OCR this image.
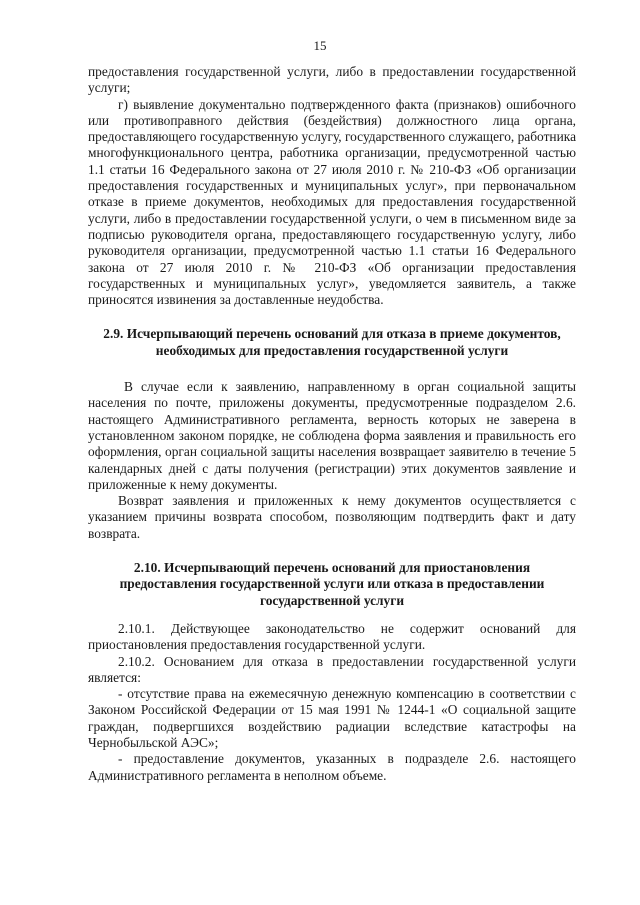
15

предоставления государственной услуги, либо в предоставлении государственной услуги;

г) выявление документально подтвержденного факта (признаков) ошибочного или противоправного действия (бездействия) должностного лица органа, предоставляющего государственную услугу, государственного служащего, работника многофункционального центра, работника организации, предусмотренной частью 1.1 статьи 16 Федерального закона от 27 июля 2010 г. № 210-ФЗ «Об организации предоставления государственных и муниципальных услуг», при первоначальном отказе в приеме документов, необходимых для предоставления государственной услуги, либо в предоставлении государственной услуги, о чем в письменном виде за подписью руководителя органа, предоставляющего государственную услугу, либо руководителя организации, предусмотренной частью 1.1 статьи 16 Федерального закона от 27 июля 2010 г. № 210-ФЗ «Об организации предоставления государственных и муниципальных услуг», уведомляется заявитель, а также приносятся извинения за доставленные неудобства.

2.9. Исчерпывающий перечень оснований для отказа в приеме документов, необходимых для предоставления государственной услуги

В случае если к заявлению, направленному в орган социальной защиты населения по почте, приложены документы, предусмотренные подразделом 2.6. настоящего Административного регламента, верность которых не заверена в установленном законом порядке, не соблюдена форма заявления и правильность его оформления, орган социальной защиты населения возвращает заявителю в течение 5 календарных дней с даты получения (регистрации) этих документов заявление и приложенные к нему документы.

Возврат заявления и приложенных к нему документов осуществляется с указанием причины возврата способом, позволяющим подтвердить факт и дату возврата.

2.10. Исчерпывающий перечень оснований для приостановления предоставления государственной услуги или отказа в предоставлении государственной услуги

2.10.1. Действующее законодательство не содержит оснований для приостановления предоставления государственной услуги.

2.10.2. Основанием для отказа в предоставлении государственной услуги является:

- отсутствие права на ежемесячную денежную компенсацию в соответствии с Законом Российской Федерации от 15 мая 1991 № 1244-1 «О социальной защите граждан, подвергшихся воздействию радиации вследствие катастрофы на Чернобыльской АЭС»;

- предоставление документов, указанных в подразделе 2.6. настоящего Административного регламента в неполном объеме.
